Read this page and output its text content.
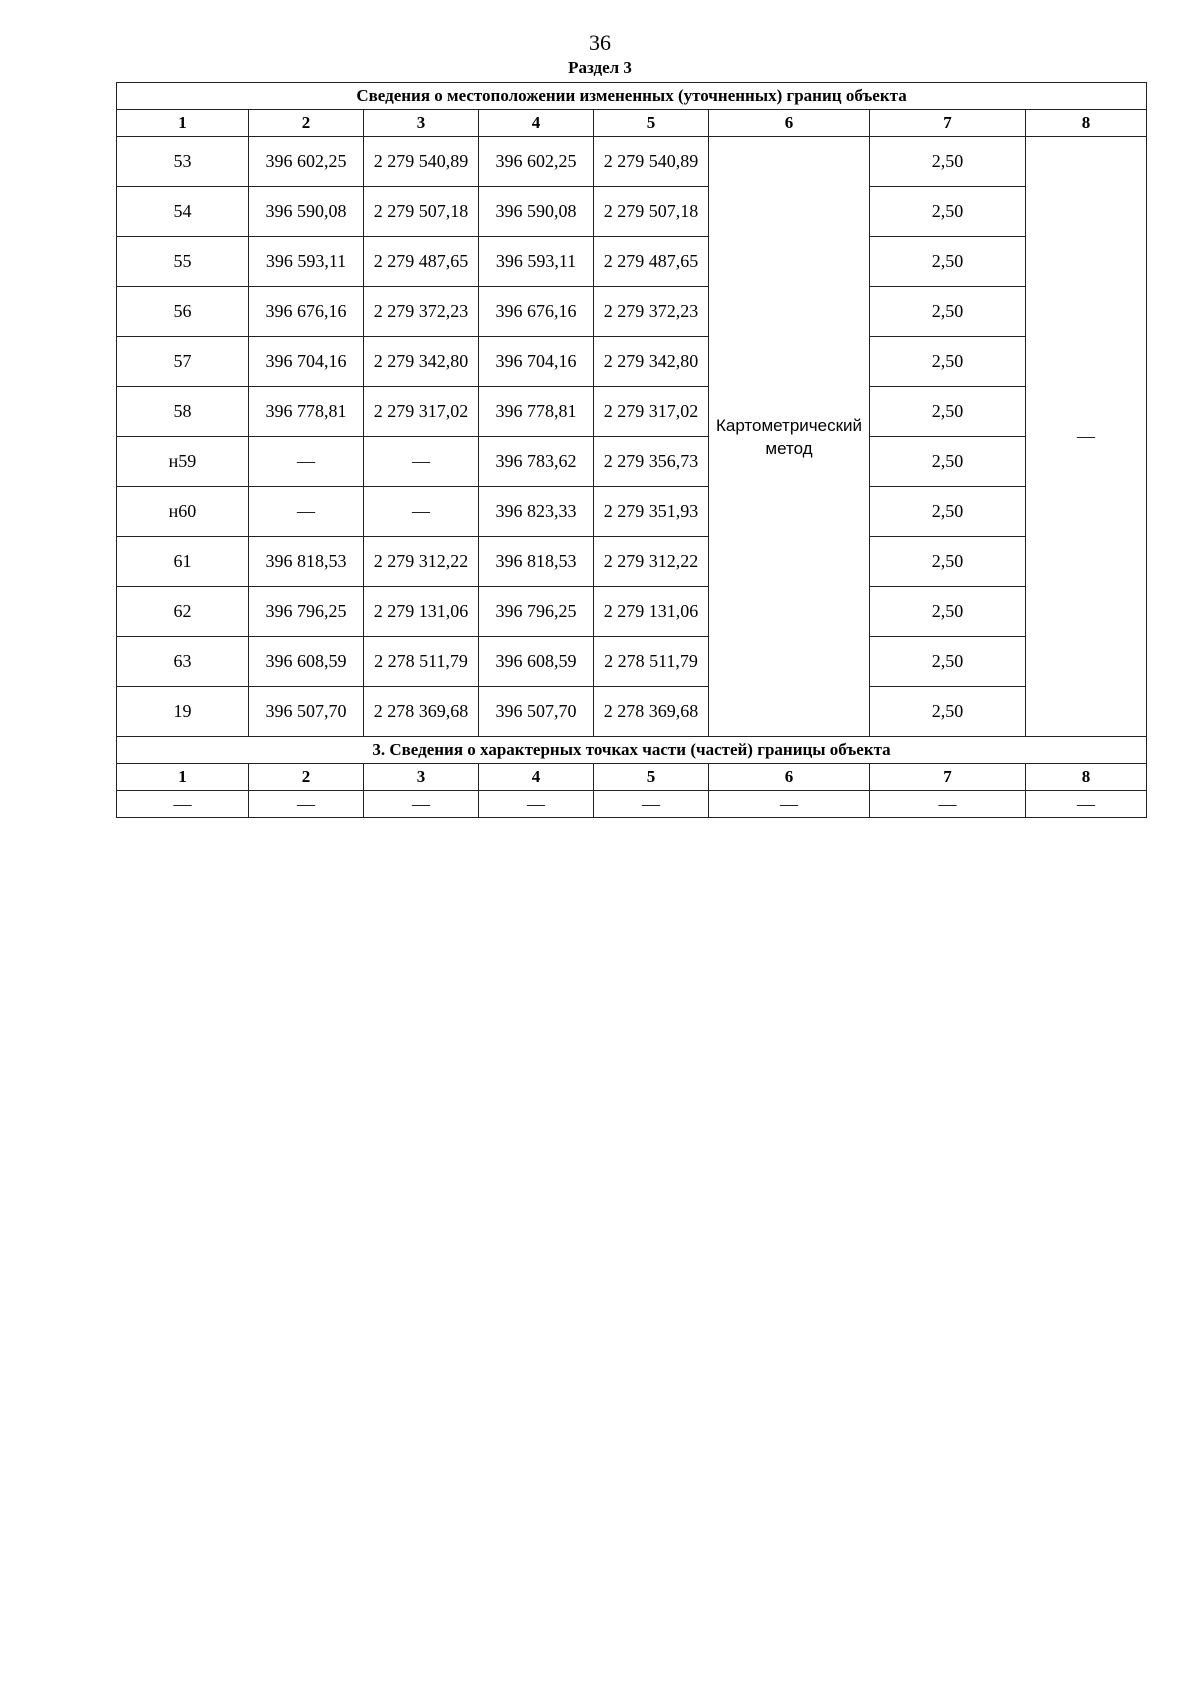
36
Раздел 3
Сведения о местоположении измененных (уточненных) границ объекта							
1	2	3	4	5	6	7	8
53	396 602,25	2 279 540,89	396 602,25	2 279 540,89	Картометрический метод	2,50	—
54	396 590,08	2 279 507,18	396 590,08	2 279 507,18		2,50	
55	396 593,11	2 279 487,65	396 593,11	2 279 487,65		2,50	
56	396 676,16	2 279 372,23	396 676,16	2 279 372,23		2,50	
57	396 704,16	2 279 342,80	396 704,16	2 279 342,80		2,50	
58	396 778,81	2 279 317,02	396 778,81	2 279 317,02		2,50	
н59	—	—	396 783,62	2 279 356,73		2,50	
н60	—	—	396 823,33	2 279 351,93		2,50	
61	396 818,53	2 279 312,22	396 818,53	2 279 312,22		2,50	
62	396 796,25	2 279 131,06	396 796,25	2 279 131,06		2,50	
63	396 608,59	2 278 511,79	396 608,59	2 278 511,79		2,50	
19	396 507,70	2 278 369,68	396 507,70	2 278 369,68		2,50	
3. Сведения о характерных точках части (частей) границы объекта							
1	2	3	4	5	6	7	8
—	—	—	—	—	—	—	—
